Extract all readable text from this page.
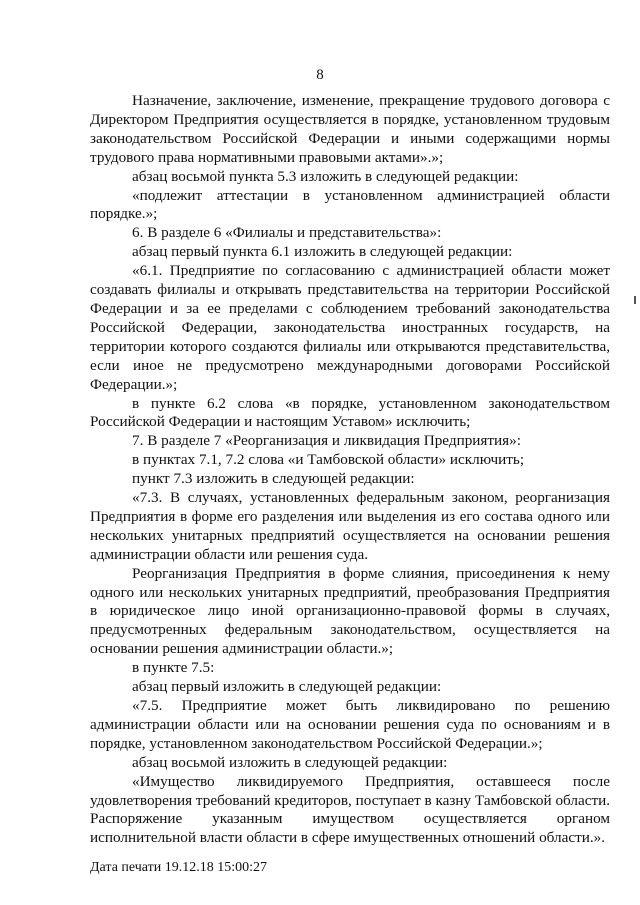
8

Назначение, заключение, изменение, прекращение трудового договора с Директором Предприятия осуществляется в порядке, установленном трудовым законодательством Российской Федерации и иными содержащими нормы трудового права нормативными правовыми актами».»;

абзац восьмой пункта 5.3 изложить в следующей редакции:

«подлежит аттестации в установленном администрацией области порядке.»;

6. В разделе 6 «Филиалы и представительства»:

абзац первый пункта 6.1 изложить в следующей редакции:

«6.1. Предприятие по согласованию с администрацией области может создавать филиалы и открывать представительства на территории Российской Федерации и за ее пределами с соблюдением требований законодательства Российской Федерации, законодательства иностранных государств, на территории которого создаются филиалы или открываются представительства, если иное не предусмотрено международными договорами Российской Федерации.»;

в пункте 6.2 слова «в порядке, установленном законодательством Российской Федерации и настоящим Уставом» исключить;

7. В разделе 7 «Реорганизация и ликвидация Предприятия»:

в пунктах 7.1, 7.2 слова «и Тамбовской области» исключить;

пункт 7.3 изложить в следующей редакции:

«7.3. В случаях, установленных федеральным законом, реорганизация Предприятия в форме его разделения или выделения из его состава одного или нескольких унитарных предприятий осуществляется на основании решения администрации области или решения суда.

Реорганизация Предприятия в форме слияния, присоединения к нему одного или нескольких унитарных предприятий, преобразования Предприятия в юридическое лицо иной организационно-правовой формы в случаях, предусмотренных федеральным законодательством, осуществляется на основании решения администрации области.»;

в пункте 7.5:

абзац первый изложить в следующей редакции:

«7.5. Предприятие может быть ликвидировано по решению администрации области или на основании решения суда по основаниям и в порядке, установленном законодательством Российской Федерации.»;

абзац восьмой изложить в следующей редакции:

«Имущество ликвидируемого Предприятия, оставшееся после удовлетворения требований кредиторов, поступает в казну Тамбовской области. Распоряжение указанным имуществом осуществляется органом исполнительной власти области в сфере имущественных отношений области.».

Дата печати 19.12.18 15:00:27
